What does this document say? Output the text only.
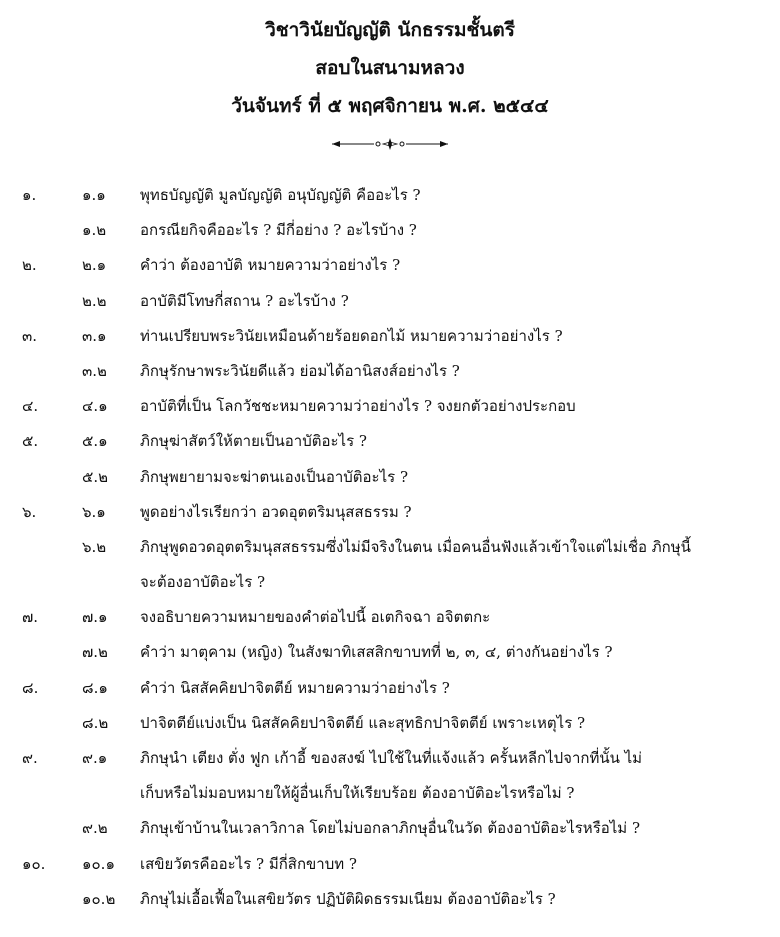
วิชาวินัยบัญญัติ นักธรรมชั้นตรี
สอบในสนามหลวง
วันจันทร์ ที่ ๕ พฤศจิกายน พ.ศ. ๒๕๔๔
๑.	๑.๑ พุทธบัญญัติ มูลบัญญัติ อนุบัญญัติ คืออะไร ?
๑.๒ อกรณียกิจคืออะไร ? มีกี่อย่าง ? อะไรบ้าง ?
๒.	๒.๑ คำว่า ต้องอาบัติ หมายความว่าอย่างไร ?
๒.๒ อาบัติมีโทษกี่สถาน ? อะไรบ้าง ?
๓.	๓.๑ ท่านเปรียบพระวินัยเหมือนด้ายร้อยดอกไม้ หมายความว่าอย่างไร ?
๓.๒ ภิกษุรักษาพระวินัยดีแล้ว ย่อมได้อานิสงส์อย่างไร ?
๔.	๔.๑ อาบัติที่เป็น โลกวัชชะหมายความว่าอย่างไร ? จงยกตัวอย่างประกอบ
๕.	๕.๑ ภิกษุฆ่าสัตว์ให้ตายเป็นอาบัติอะไร ?
๕.๒ ภิกษุพยายามจะฆ่าตนเองเป็นอาบัติอะไร ?
๖.	๖.๑ พูดอย่างไรเรียกว่า อวดอุตตริมนุสสธรรม ?
๖.๒ ภิกษุพูดอวดอุตตริมนุสสธรรมซึ่งไม่มีจริงในตน เมื่อคนอื่นฟังแล้วเข้าใจแต่ไม่เชื่อ ภิกษุนี้
จะต้องอาบัติอะไร ?
๗.	๗.๑ จงอธิบายความหมายของคำต่อไปนี้ อเตกิจฉา อจิตตกะ
๗.๒ คำว่า มาตุคาม (หญิง) ในสังฆาทิเสสสิกขาบทที่ ๒, ๓, ๔, ต่างกันอย่างไร ?
๘.	๘.๑ คำว่า นิสสัคคิยปาจิตตีย์ หมายความว่าอย่างไร ?
๘.๒ ปาจิตตีย์แบ่งเป็น นิสสัคคิยปาจิตตีย์ และสุทธิกปาจิตตีย์ เพราะเหตุไร ?
๙.	๙.๑ ภิกษุนำ เตียง ตั่ง ฟูก เก้าอี้ ของสงฆ์ ไปใช้ในที่แจ้งแล้ว ครั้นหลีกไปจากที่นั้น ไม่
เก็บหรือไม่มอบหมายให้ผู้อื่นเก็บให้เรียบร้อย ต้องอาบัติอะไรหรือไม่ ?
๙.๒ ภิกษุเข้าบ้านในเวลาวิกาล โดยไม่บอกลาภิกษุอื่นในวัด ต้องอาบัติอะไรหรือไม่ ?
๑๐. ๑๐.๑ เสขิยวัตรคืออะไร ? มีกี่สิกขาบท ?
๑๐.๒ ภิกษุไม่เอื้อเฟื้อในเสขิยวัตร ปฏิบัติผิดธรรมเนียม ต้องอาบัติอะไร ?
